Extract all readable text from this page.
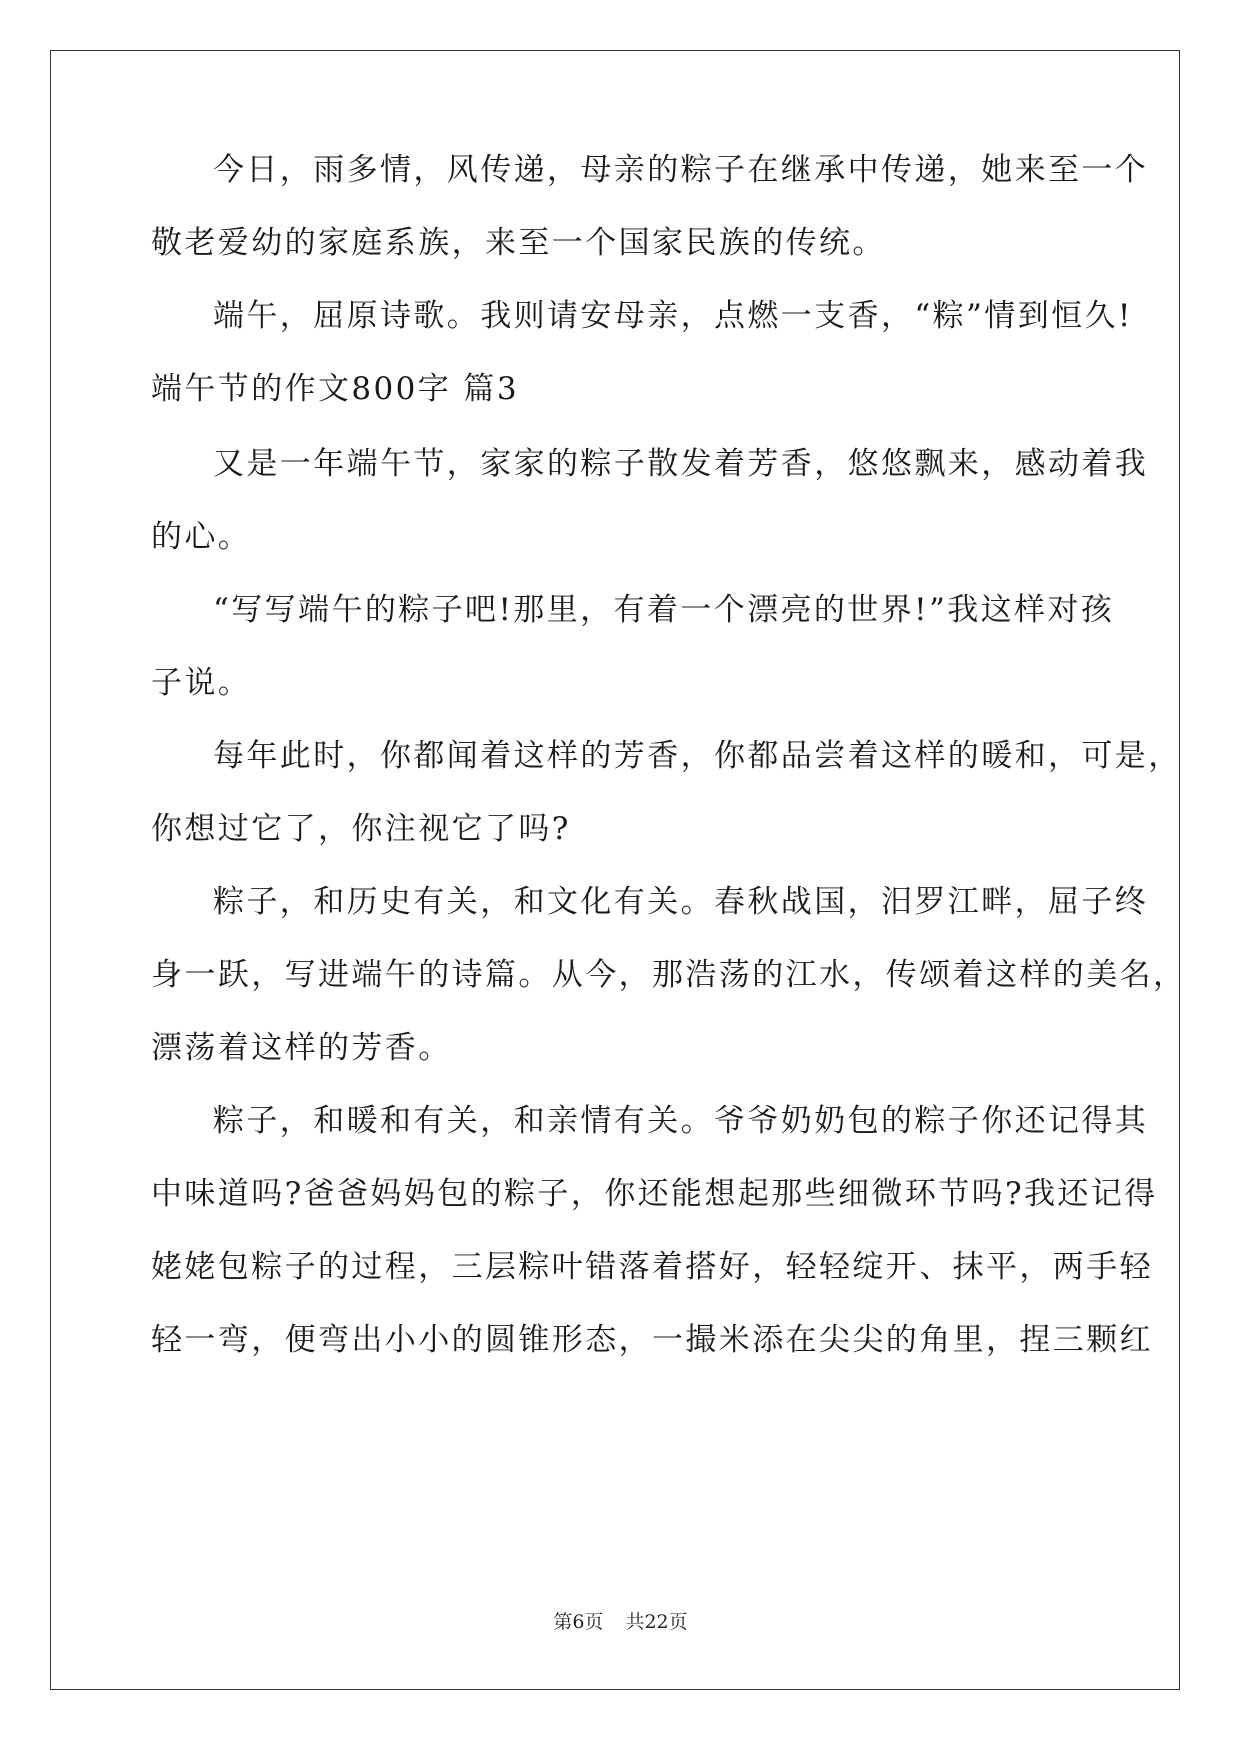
今日，雨多情，风传递，母亲的粽子在继承中传递，她来至一个
敬老爱幼的家庭系族，来至一个国家民族的传统。
端午，屈原诗歌。我则请安母亲，点燃一支香，“粽”情到恒久!
端午节的作文800字 篇3
又是一年端午节，家家的粽子散发着芳香，悠悠飘来，感动着我
的心。
“写写端午的粽子吧!那里，有着一个漂亮的世界!”我这样对孩
子说。
每年此时，你都闻着这样的芳香，你都品尝着这样的暖和，可是，
你想过它了，你注视它了吗?
粽子，和历史有关，和文化有关。春秋战国，汨罗江畔，屈子终
身一跃，写进端午的诗篇。从今，那浩荡的江水，传颂着这样的美名，
漂荡着这样的芳香。
粽子，和暖和有关，和亲情有关。爷爷奶奶包的粽子你还记得其
中味道吗?爸爸妈妈包的粽子，你还能想起那些细微环节吗?我还记得
姥姥包粽子的过程，三层粽叶错落着搭好，轻轻绽开、抹平，两手轻
轻一弯，便弯出小小的圆锥形态，一撮米添在尖尖的角里，捏三颗红
第6页 共22页
